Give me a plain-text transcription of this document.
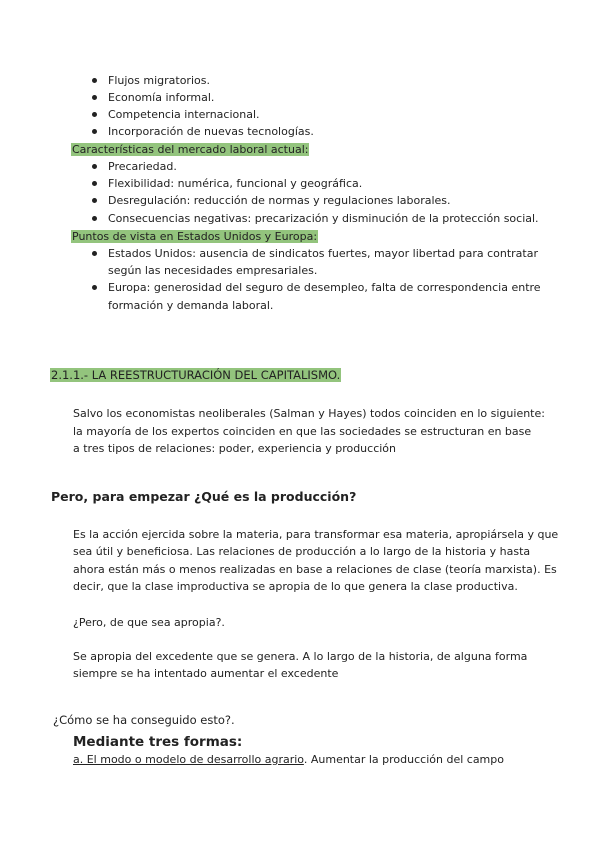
Flujos migratorios.
Economía informal.
Competencia internacional.
Incorporación de nuevas tecnologías.
Características del mercado laboral actual:
Precariedad.
Flexibilidad: numérica, funcional y geográfica.
Desregulación: reducción de normas y regulaciones laborales.
Consecuencias negativas: precarización y disminución de la protección social.
Puntos de vista en Estados Unidos y Europa:
Estados Unidos: ausencia de sindicatos fuertes, mayor libertad para contratar
según las necesidades empresariales.
Europa: generosidad del seguro de desempleo, falta de correspondencia entre
formación y demanda laboral.
2.1.1.- LA REESTRUCTURACIÓN DEL CAPITALISMO.
Salvo los economistas neoliberales (Salman y Hayes) todos coinciden en lo siguiente:
la mayoría de los expertos coinciden en que las sociedades se estructuran en base
a tres tipos de relaciones: poder, experiencia y producción
Pero, para empezar ¿Qué es la producción?
Es la acción ejercida sobre la materia, para transformar esa materia, apropiársela y que
sea útil y beneficiosa. Las relaciones de producción a lo largo de la historia y hasta
ahora están más o menos realizadas en base a relaciones de clase (teoría marxista). Es
decir, que la clase improductiva se apropia de lo que genera la clase productiva.
¿Pero, de que sea apropia?.
Se apropia del excedente que se genera. A lo largo de la historia, de alguna forma
siempre se ha intentado aumentar el excedente
¿Cómo se ha conseguido esto?.
Mediante tres formas:
a. El modo o modelo de desarrollo agrario. Aumentar la producción del campo
